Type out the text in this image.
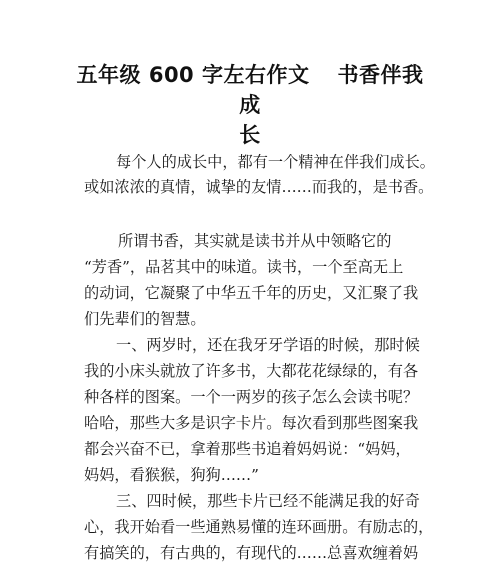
五年级 600 字左右作文 书香伴我成
长
每个人的成长中，都有一个精神在伴我们成长。
或如浓浓的真情，诚挚的友情……而我的，是书香。
所谓书香，其实就是读书并从中领略它的
“芳香”，品茗其中的味道。读书，一个至高无上
的动词，它凝聚了中华五千年的历史，又汇聚了我
们先辈们的智慧。
一、两岁时，还在我牙牙学语的时候，那时候
我的小床头就放了许多书，大都花花绿绿的，有各
种各样的图案。一个一两岁的孩子怎么会读书呢？
哈哈，那些大多是识字卡片。每次看到那些图案我
都会兴奋不已，拿着那些书追着妈妈说：“妈妈，
妈妈，看猴猴，狗狗……”
三、四时候，那些卡片已经不能满足我的好奇
心，我开始看一些通熟易懂的连环画册。有励志的，
有搞笑的，有古典的，有现代的……总喜欢缠着妈
